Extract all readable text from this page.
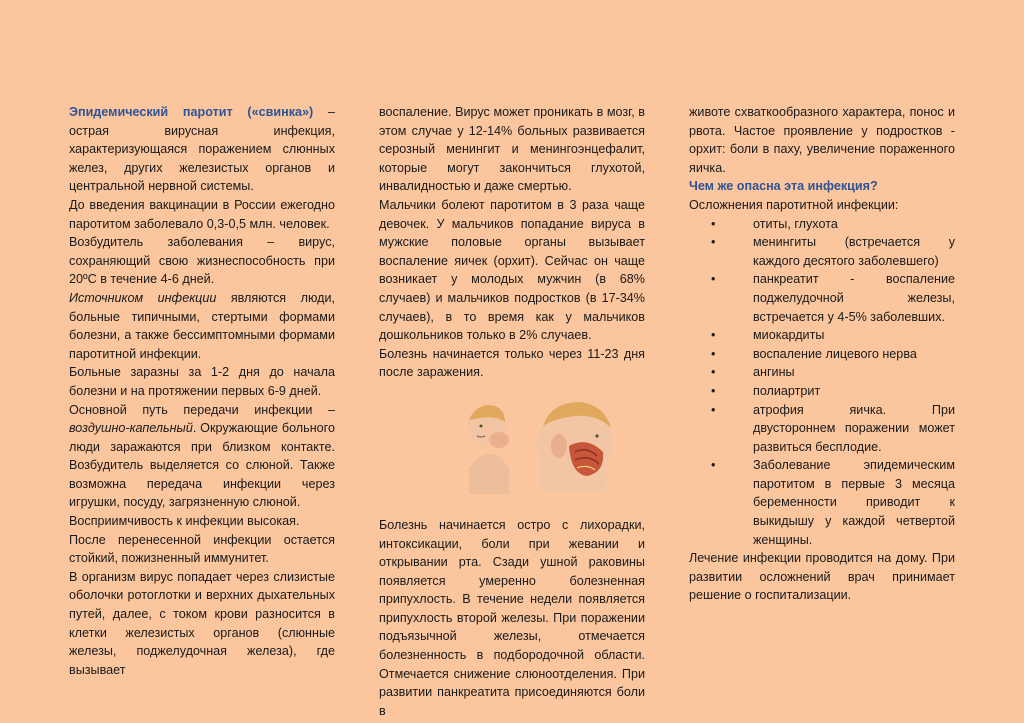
Эпидемический паротит («свинка») – острая вирусная инфекция, характеризующаяся поражением слюнных желез, других железистых органов и центральной нервной системы.

До введения вакцинации в России ежегодно паротитом заболевало 0,3-0,5 млн. человек.

Возбудитель заболевания – вирус, сохраняющий свою жизнеспособность при 20ºС в течение 4-6 дней.

Источником инфекции являются люди, больные типичными, стертыми формами болезни, а также бессимптомными формами паротитной инфекции.

Больные заразны за 1-2 дня до начала болезни и на протяжении первых 6-9 дней.

Основной путь передачи инфекции – воздушно-капельный. Окружающие больного люди заражаются при близком контакте. Возбудитель выделяется со слюной. Также возможна передача инфекции через игрушки, посуду, загрязненную слюной.

Восприимчивость к инфекции высокая.

После перенесенной инфекции остается стойкий, пожизненный иммунитет.

В организм вирус попадает через слизистые оболочки ротоглотки и верхних дыхательных путей, далее, с током крови разносится в клетки железистых органов (слюнные железы, поджелудочная железа), где вызывает

воспаление. Вирус может проникать в мозг, в этом случае у 12-14% больных развивается серозный менингит и менингоэнцефалит, которые могут закончиться глухотой, инвалидностью и даже смертью.

Мальчики болеют паротитом в 3 раза чаще девочек. У мальчиков попадание вируса в мужские половые органы вызывает воспаление яичек (орхит). Сейчас он чаще возникает у молодых мужчин (в 68% случаев) и мальчиков подростков (в 17-34% случаев), в то время как у мальчиков дошкольников только в 2% случаев.

Болезнь начинается только через 11-23 дня после заражения.

Болезнь начинается остро с лихорадки, интоксикации, боли при жевании и открывании рта. Сзади ушной раковины появляется умеренно болезненная припухлость. В течение недели появляется припухлость второй железы. При поражении подъязычной железы, отмечается болезненность в подбородочной области. Отмечается снижение слюноотделения. При развитии панкреатита присоединяются боли в

животе схваткообразного характера, понос и рвота. Частое проявление у подростков - орхит: боли в паху, увеличение пораженного яичка.

Чем же опасна эта инфекция?

Осложнения паротитной инфекции:

•	отиты, глухота
•	менингиты (встречается у каждого десятого заболевшего)
•	панкреатит - воспаление поджелудочной железы, встречается у 4-5% заболевших.
•	миокардиты
•	воспаление лицевого нерва
•	ангины
•	полиартрит
•	атрофия яичка. При двустороннем поражении может развиться бесплодие.
•	Заболевание эпидемическим паротитом в первые 3 месяца беременности приводит к выкидышу у каждой четвертой женщины.

Лечение инфекции проводится на дому. При развитии осложнений врач принимает решение о госпитализации.
